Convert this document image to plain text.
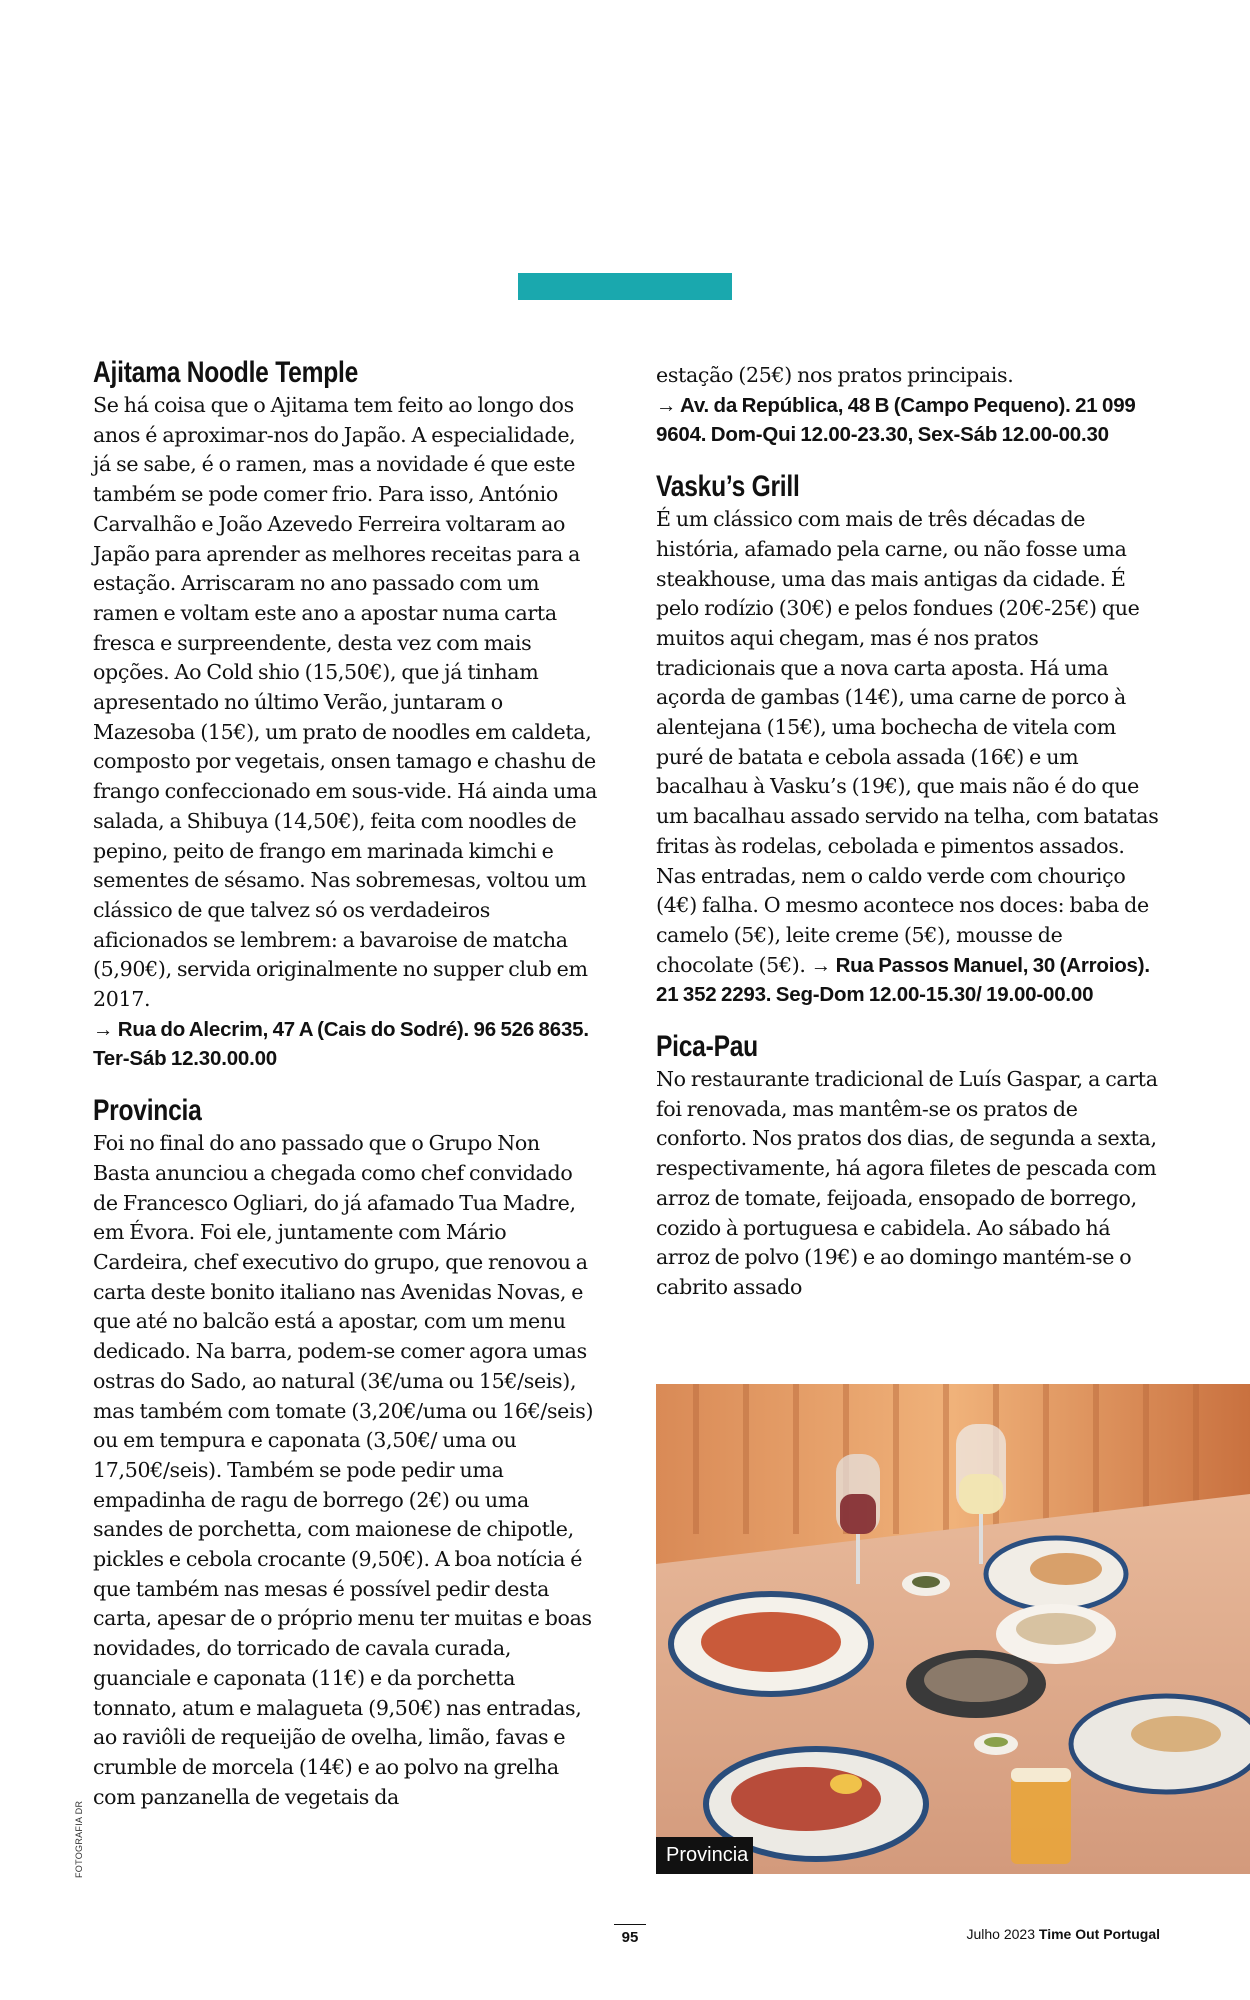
Ajitama Noodle Temple

Se há coisa que o Ajitama tem feito ao longo dos anos é aproximar-nos do Japão. A especialidade, já se sabe, é o ramen, mas a novidade é que este também se pode comer frio. Para isso, António Carvalhão e João Azevedo Ferreira voltaram ao Japão para aprender as melhores receitas para a estação. Arriscaram no ano passado com um ramen e voltam este ano a apostar numa carta fresca e surpreendente, desta vez com mais opções. Ao Cold shio (15,50€), que já tinham apresentado no último Verão, juntaram o Mazesoba (15€), um prato de noodles em caldeta, composto por vegetais, onsen tamago e chashu de frango confeccionado em sous-vide. Há ainda uma salada, a Shibuya (14,50€), feita com noodles de pepino, peito de frango em marinada kimchi e sementes de sésamo. Nas sobremesas, voltou um clássico de que talvez só os verdadeiros aficionados se lembrem: a bavaroise de matcha (5,90€), servida originalmente no supper club em 2017.
→ Rua do Alecrim, 47 A (Cais do Sodré). 96 526 8635. Ter-Sáb 12.30.00.00

Provincia

Foi no final do ano passado que o Grupo Non Basta anunciou a chegada como chef convidado de Francesco Ogliari, do já afamado Tua Madre, em Évora. Foi ele, juntamente com Mário Cardeira, chef executivo do grupo, que renovou a carta deste bonito italiano nas Avenidas Novas, e que até no balcão está a apostar, com um menu dedicado. Na barra, podem-se comer agora umas ostras do Sado, ao natural (3€/uma ou 15€/seis), mas também com tomate (3,20€/uma ou 16€/seis) ou em tempura e caponata (3,50€/ uma ou 17,50€/seis). Também se pode pedir uma empadinha de ragu de borrego (2€) ou uma sandes de porchetta, com maionese de chipotle, pickles e cebola crocante (9,50€). A boa notícia é que também nas mesas é possível pedir desta carta, apesar de o próprio menu ter muitas e boas novidades, do torricado de cavala curada, guanciale e caponata (11€) e da porchetta tonnato, atum e malagueta (9,50€) nas entradas, ao raviôli de requeijão de ovelha, limão, favas e crumble de morcela (14€) e ao polvo na grelha com panzanella de vegetais da

estação (25€) nos pratos principais.
→ Av. da República, 48 B (Campo Pequeno). 21 099 9604. Dom-Qui 12.00-23.30, Sex-Sáb 12.00-00.30

Vasku’s Grill

É um clássico com mais de três décadas de história, afamado pela carne, ou não fosse uma steakhouse, uma das mais antigas da cidade. É pelo rodízio (30€) e pelos fondues (20€-25€) que muitos aqui chegam, mas é nos pratos tradicionais que a nova carta aposta. Há uma açorda de gambas (14€), uma carne de porco à alentejana (15€), uma bochecha de vitela com puré de batata e cebola assada (16€) e um bacalhau à Vasku’s (19€), que mais não é do que um bacalhau assado servido na telha, com batatas fritas às rodelas, cebolada e pimentos assados. Nas entradas, nem o caldo verde com chouriço (4€) falha. O mesmo acontece nos doces: baba de camelo (5€), leite creme (5€), mousse de chocolate (5€). → Rua Passos Manuel, 30 (Arroios). 21 352 2293. Seg-Dom 12.00-15.30/ 19.00-00.00

Pica-Pau

No restaurante tradicional de Luís Gaspar, a carta foi renovada, mas mantêm-se os pratos de conforto. Nos pratos dos dias, de segunda a sexta, respectivamente, há agora filetes de pescada com arroz de tomate, feijoada, ensopado de borrego, cozido à portuguesa e cabidela. Ao sábado há arroz de polvo (19€) e ao domingo mantém-se o cabrito assado

Provincia
FOTOGRAFIA DR
95	Julho 2023 Time Out Portugal
